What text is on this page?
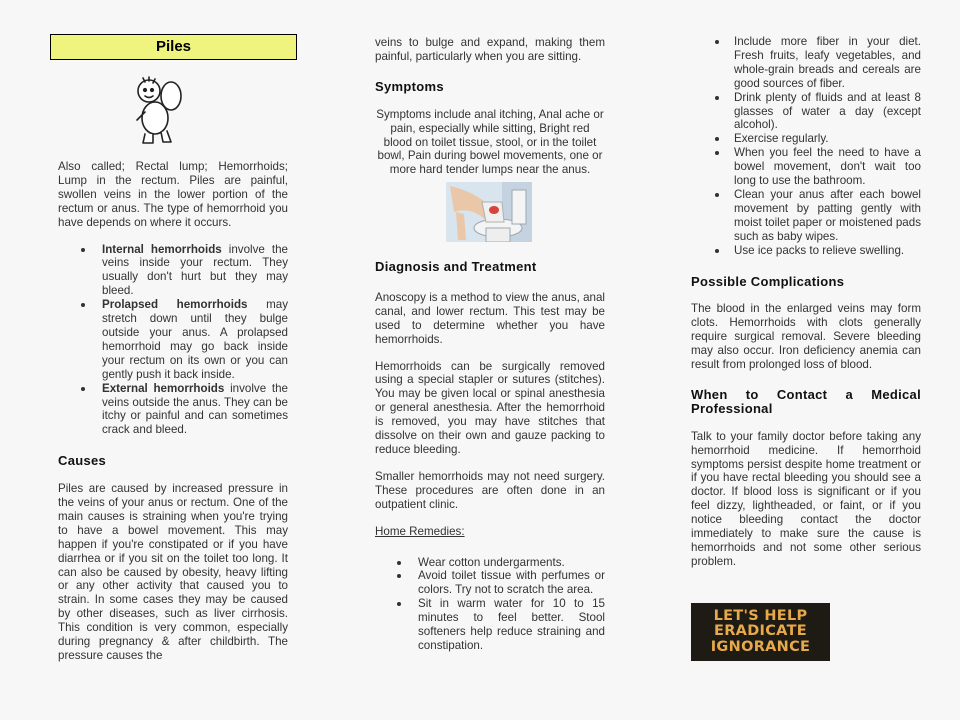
Piles

Also called; Rectal lump; Hemorrhoids; Lump in the rectum. Piles are painful, swollen veins in the lower portion of the rectum or anus. The type of hemorrhoid you have depends on where it occurs.

Internal hemorrhoids involve the veins inside your rectum. They usually don't hurt but they may bleed.
Prolapsed hemorrhoids may stretch down until they bulge outside your anus. A prolapsed hemorrhoid may go back inside your rectum on its own or you can gently push it back inside.
External hemorrhoids involve the veins outside the anus. They can be itchy or painful and can sometimes crack and bleed.
Causes

Piles are caused by increased pressure in the veins of your anus or rectum. One of the main causes is straining when you're trying to have a bowel movement. This may happen if you're constipated or if you have diarrhea or if you sit on the toilet too long. It can also be caused by obesity, heavy lifting or any other activity that caused you to strain. In some cases they may be caused by other diseases, such as liver cirrhosis. This condition is very common, especially during pregnancy & after childbirth. The pressure causes the

veins to bulge and expand, making them painful, particularly when you are sitting.

Symptoms

Symptoms include anal itching, Anal ache or pain, especially while sitting, Bright red blood on toilet tissue, stool, or in the toilet bowl, Pain during bowel movements, one or more hard tender lumps near the anus.

Diagnosis and Treatment

Anoscopy is a method to view the anus, anal canal, and lower rectum. This test may be used to determine whether you have hemorrhoids.

Hemorrhoids can be surgically removed using a special stapler or sutures (stitches). You may be given local or spinal anesthesia or general anesthesia. After the hemorrhoid is removed, you may have stitches that dissolve on their own and gauze packing to reduce bleeding.

Smaller hemorrhoids may not need surgery. These procedures are often done in an outpatient clinic.

Home Remedies:

Wear cotton undergarments.
Avoid toilet tissue with perfumes or colors. Try not to scratch the area.
Sit in warm water for 10 to 15 minutes to feel better. Stool softeners help reduce straining and constipation.
Include more fiber in your diet. Fresh fruits, leafy vegetables, and whole-grain breads and cereals are good sources of fiber.
Drink plenty of fluids and at least 8 glasses of water a day (except alcohol).
Exercise regularly.
When you feel the need to have a bowel movement, don't wait too long to use the bathroom.
Clean your anus after each bowel movement by patting gently with moist toilet paper or moistened pads such as baby wipes.
Use ice packs to relieve swelling.
Possible Complications

The blood in the enlarged veins may form clots. Hemorrhoids with clots generally require surgical removal. Severe bleeding may also occur. Iron deficiency anemia can result from prolonged loss of blood.

When to Contact a Medical Professional

Talk to your family doctor before taking any hemorrhoid medicine. If hemorrhoid symptoms persist despite home treatment or if you have rectal bleeding you should see a doctor. If blood loss is significant or if you feel dizzy, lightheaded, or faint, or if you notice bleeding contact the doctor immediately to make sure the cause is hemorrhoids and not some other serious problem.

LET'S HELP
ERADICATE
IGNORANCE
